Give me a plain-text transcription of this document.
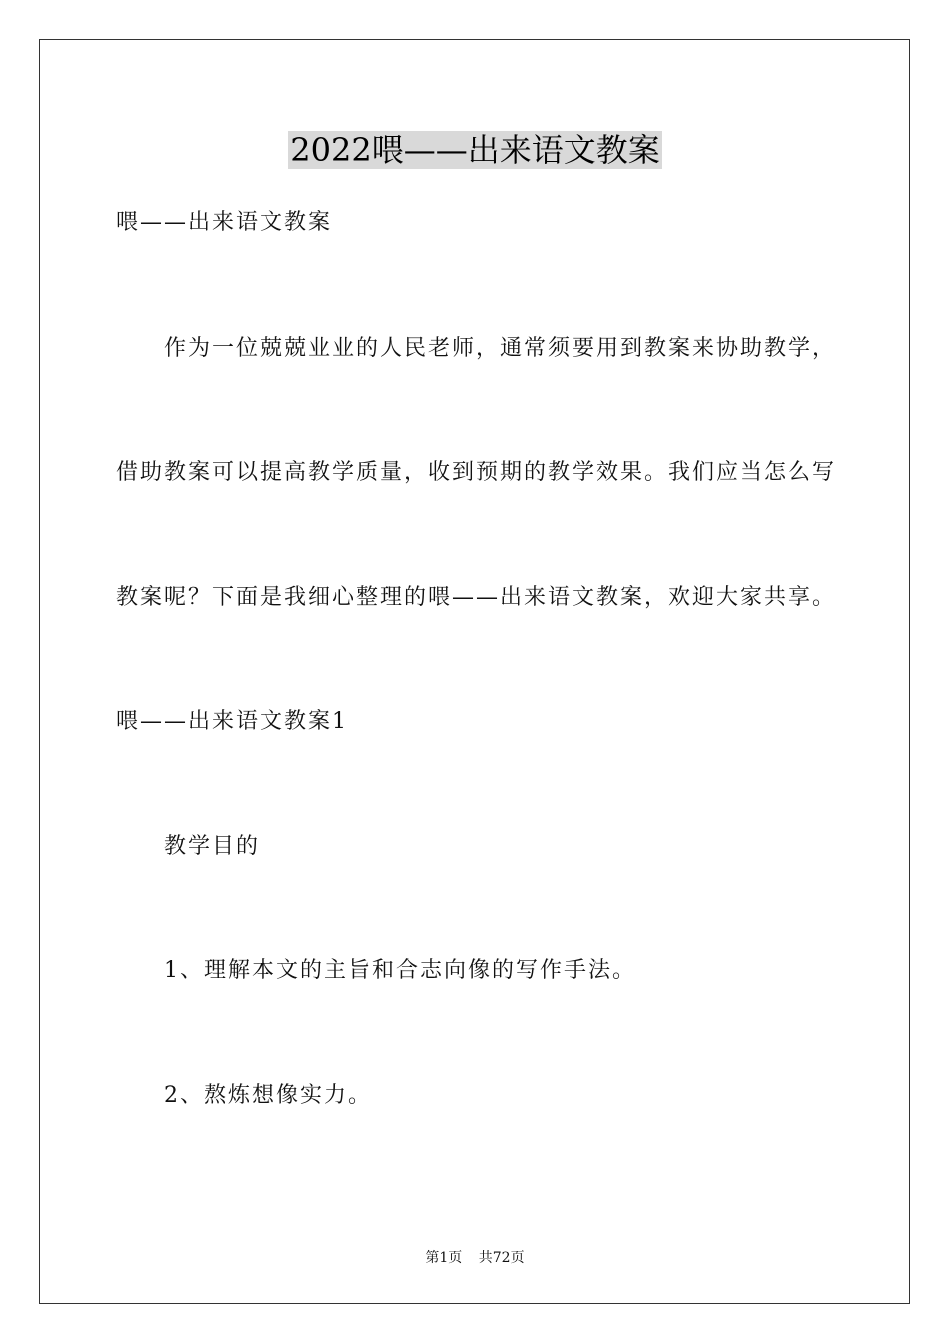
2022喂——出来语文教案
喂——出来语文教案
作为一位兢兢业业的人民老师，通常须要用到教案来协助教学，
借助教案可以提高教学质量，收到预期的教学效果。我们应当怎么写
教案呢？下面是我细心整理的喂——出来语文教案，欢迎大家共享。
喂——出来语文教案1
教学目的
1、理解本文的主旨和合志向像的写作手法。
2、熬炼想像实力。
第1页 共72页
